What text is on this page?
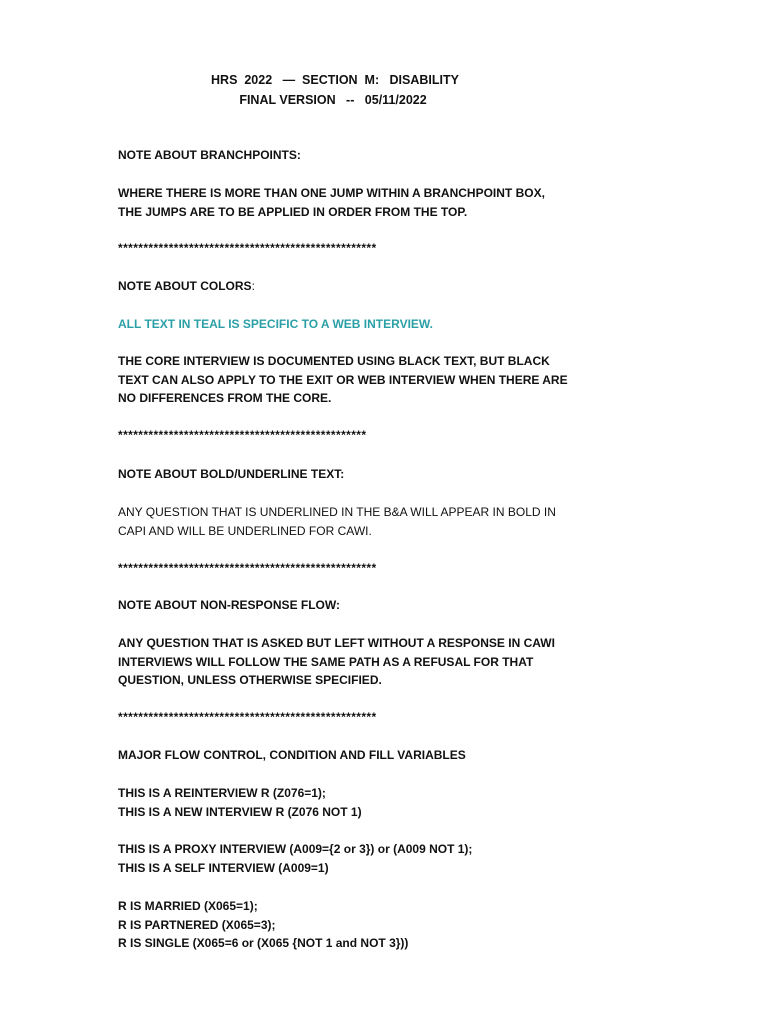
HRS  2022   —  SECTION  M:   DISABILITY
FINAL VERSION   --   05/11/2022
NOTE ABOUT BRANCHPOINTS:
WHERE THERE IS MORE THAN ONE JUMP WITHIN A BRANCHPOINT BOX,
THE JUMPS ARE TO BE APPLIED IN ORDER FROM THE TOP.
***************************************************
NOTE ABOUT COLORS:
ALL TEXT IN TEAL IS SPECIFIC TO A WEB INTERVIEW.
THE CORE INTERVIEW IS DOCUMENTED USING BLACK TEXT, BUT BLACK
TEXT CAN ALSO APPLY TO THE EXIT OR WEB INTERVIEW WHEN THERE ARE
NO DIFFERENCES FROM THE CORE.
*************************************************
NOTE ABOUT BOLD/UNDERLINE TEXT:
ANY QUESTION THAT IS UNDERLINED IN THE B&A WILL APPEAR IN BOLD IN
CAPI AND WILL BE UNDERLINED FOR CAWI.
***************************************************
NOTE ABOUT NON-RESPONSE FLOW:
ANY QUESTION THAT IS ASKED BUT LEFT WITHOUT A RESPONSE IN CAWI
INTERVIEWS WILL FOLLOW THE SAME PATH AS A REFUSAL FOR THAT
QUESTION, UNLESS OTHERWISE SPECIFIED.
***************************************************
MAJOR FLOW CONTROL, CONDITION AND FILL VARIABLES
THIS IS A REINTERVIEW R (Z076=1);
THIS IS A NEW INTERVIEW R (Z076 NOT 1)
THIS IS A PROXY INTERVIEW (A009={2 or 3}) or (A009 NOT 1);
THIS IS A SELF INTERVIEW (A009=1)
R IS MARRIED (X065=1);
R IS PARTNERED (X065=3);
R IS SINGLE (X065=6 or (X065 {NOT 1 and NOT 3}))
